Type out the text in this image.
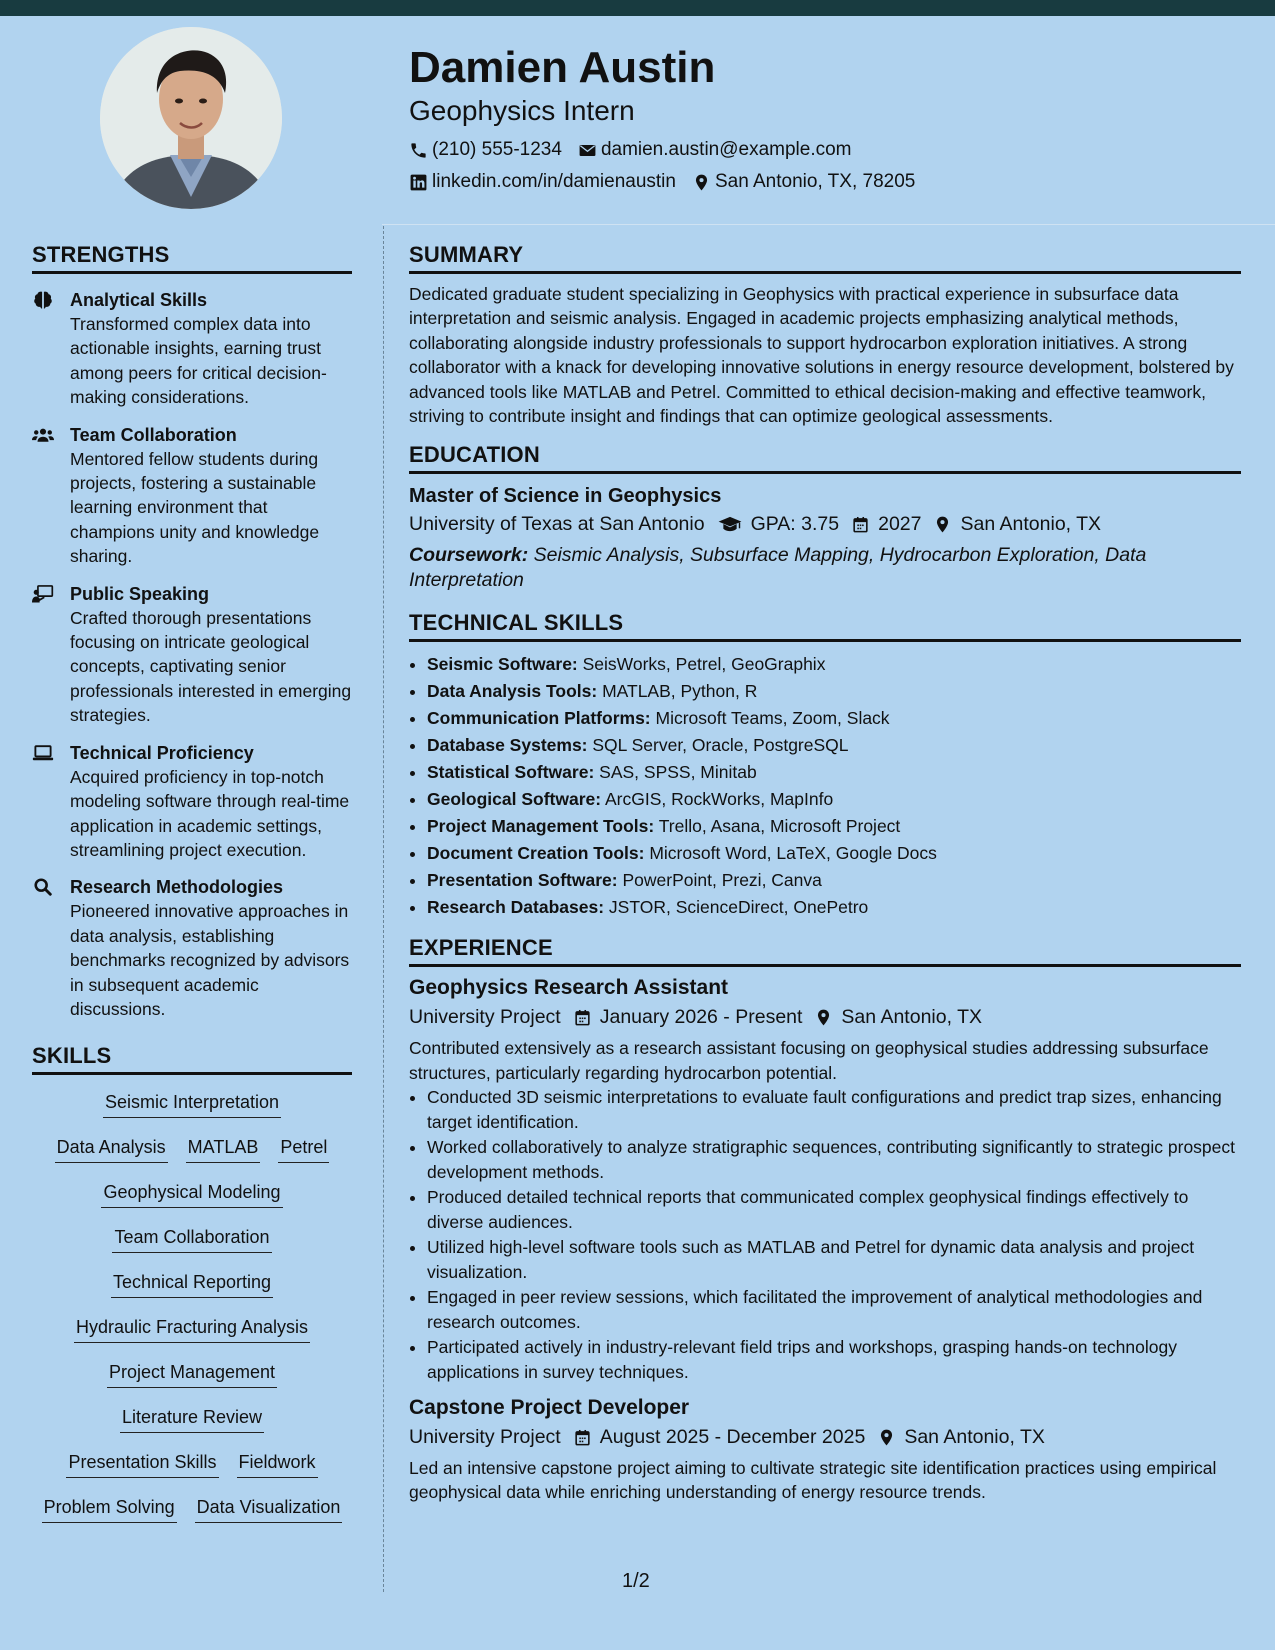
Damien Austin
Geophysics Intern
(210) 555-1234 damien.austin@example.com
linkedin.com/in/damienaustin San Antonio, TX, 78205
STRENGTHS
Analytical Skills
Transformed complex data into actionable insights, earning trust among peers for critical decision-making considerations.
Team Collaboration
Mentored fellow students during projects, fostering a sustainable learning environment that champions unity and knowledge sharing.
Public Speaking
Crafted thorough presentations focusing on intricate geological concepts, captivating senior professionals interested in emerging strategies.
Technical Proficiency
Acquired proficiency in top-notch modeling software through real-time application in academic settings, streamlining project execution.
Research Methodologies
Pioneered innovative approaches in data analysis, establishing benchmarks recognized by advisors in subsequent academic discussions.
SKILLS
Seismic Interpretation
Data Analysis MATLAB Petrel
Geophysical Modeling
Team Collaboration
Technical Reporting
Hydraulic Fracturing Analysis
Project Management
Literature Review
Presentation Skills Fieldwork
Problem Solving Data Visualization
SUMMARY

Dedicated graduate student specializing in Geophysics with practical experience in subsurface data interpretation and seismic analysis. Engaged in academic projects emphasizing analytical methods, collaborating alongside industry professionals to support hydrocarbon exploration initiatives. A strong collaborator with a knack for developing innovative solutions in energy resource development, bolstered by advanced tools like MATLAB and Petrel. Committed to ethical decision-making and effective teamwork, striving to contribute insight and findings that can optimize geological assessments.

EDUCATION
Master of Science in Geophysics
University of Texas at San Antonio GPA: 3.75 2027 San Antonio, TX
Coursework: Seismic Analysis, Subsurface Mapping, Hydrocarbon Exploration, Data Interpretation
TECHNICAL SKILLS
• Seismic Software: SeisWorks, Petrel, GeoGraphix
• Data Analysis Tools: MATLAB, Python, R
• Communication Platforms: Microsoft Teams, Zoom, Slack
• Database Systems: SQL Server, Oracle, PostgreSQL
• Statistical Software: SAS, SPSS, Minitab
• Geological Software: ArcGIS, RockWorks, MapInfo
• Project Management Tools: Trello, Asana, Microsoft Project
• Document Creation Tools: Microsoft Word, LaTeX, Google Docs
• Presentation Software: PowerPoint, Prezi, Canva
• Research Databases: JSTOR, ScienceDirect, OnePetro
EXPERIENCE
Geophysics Research Assistant
University Project January 2026 - Present San Antonio, TX
Contributed extensively as a research assistant focusing on geophysical studies addressing subsurface structures, particularly regarding hydrocarbon potential.
• Conducted 3D seismic interpretations to evaluate fault configurations and predict trap sizes, enhancing target identification.
• Worked collaboratively to analyze stratigraphic sequences, contributing significantly to strategic prospect development methods.
• Produced detailed technical reports that communicated complex geophysical findings effectively to diverse audiences.
• Utilized high-level software tools such as MATLAB and Petrel for dynamic data analysis and project visualization.
• Engaged in peer review sessions, which facilitated the improvement of analytical methodologies and research outcomes.
• Participated actively in industry-relevant field trips and workshops, grasping hands-on technology applications in survey techniques.
Capstone Project Developer
University Project August 2025 - December 2025 San Antonio, TX
Led an intensive capstone project aiming to cultivate strategic site identification practices using empirical geophysical data while enriching understanding of energy resource trends.
1/2
